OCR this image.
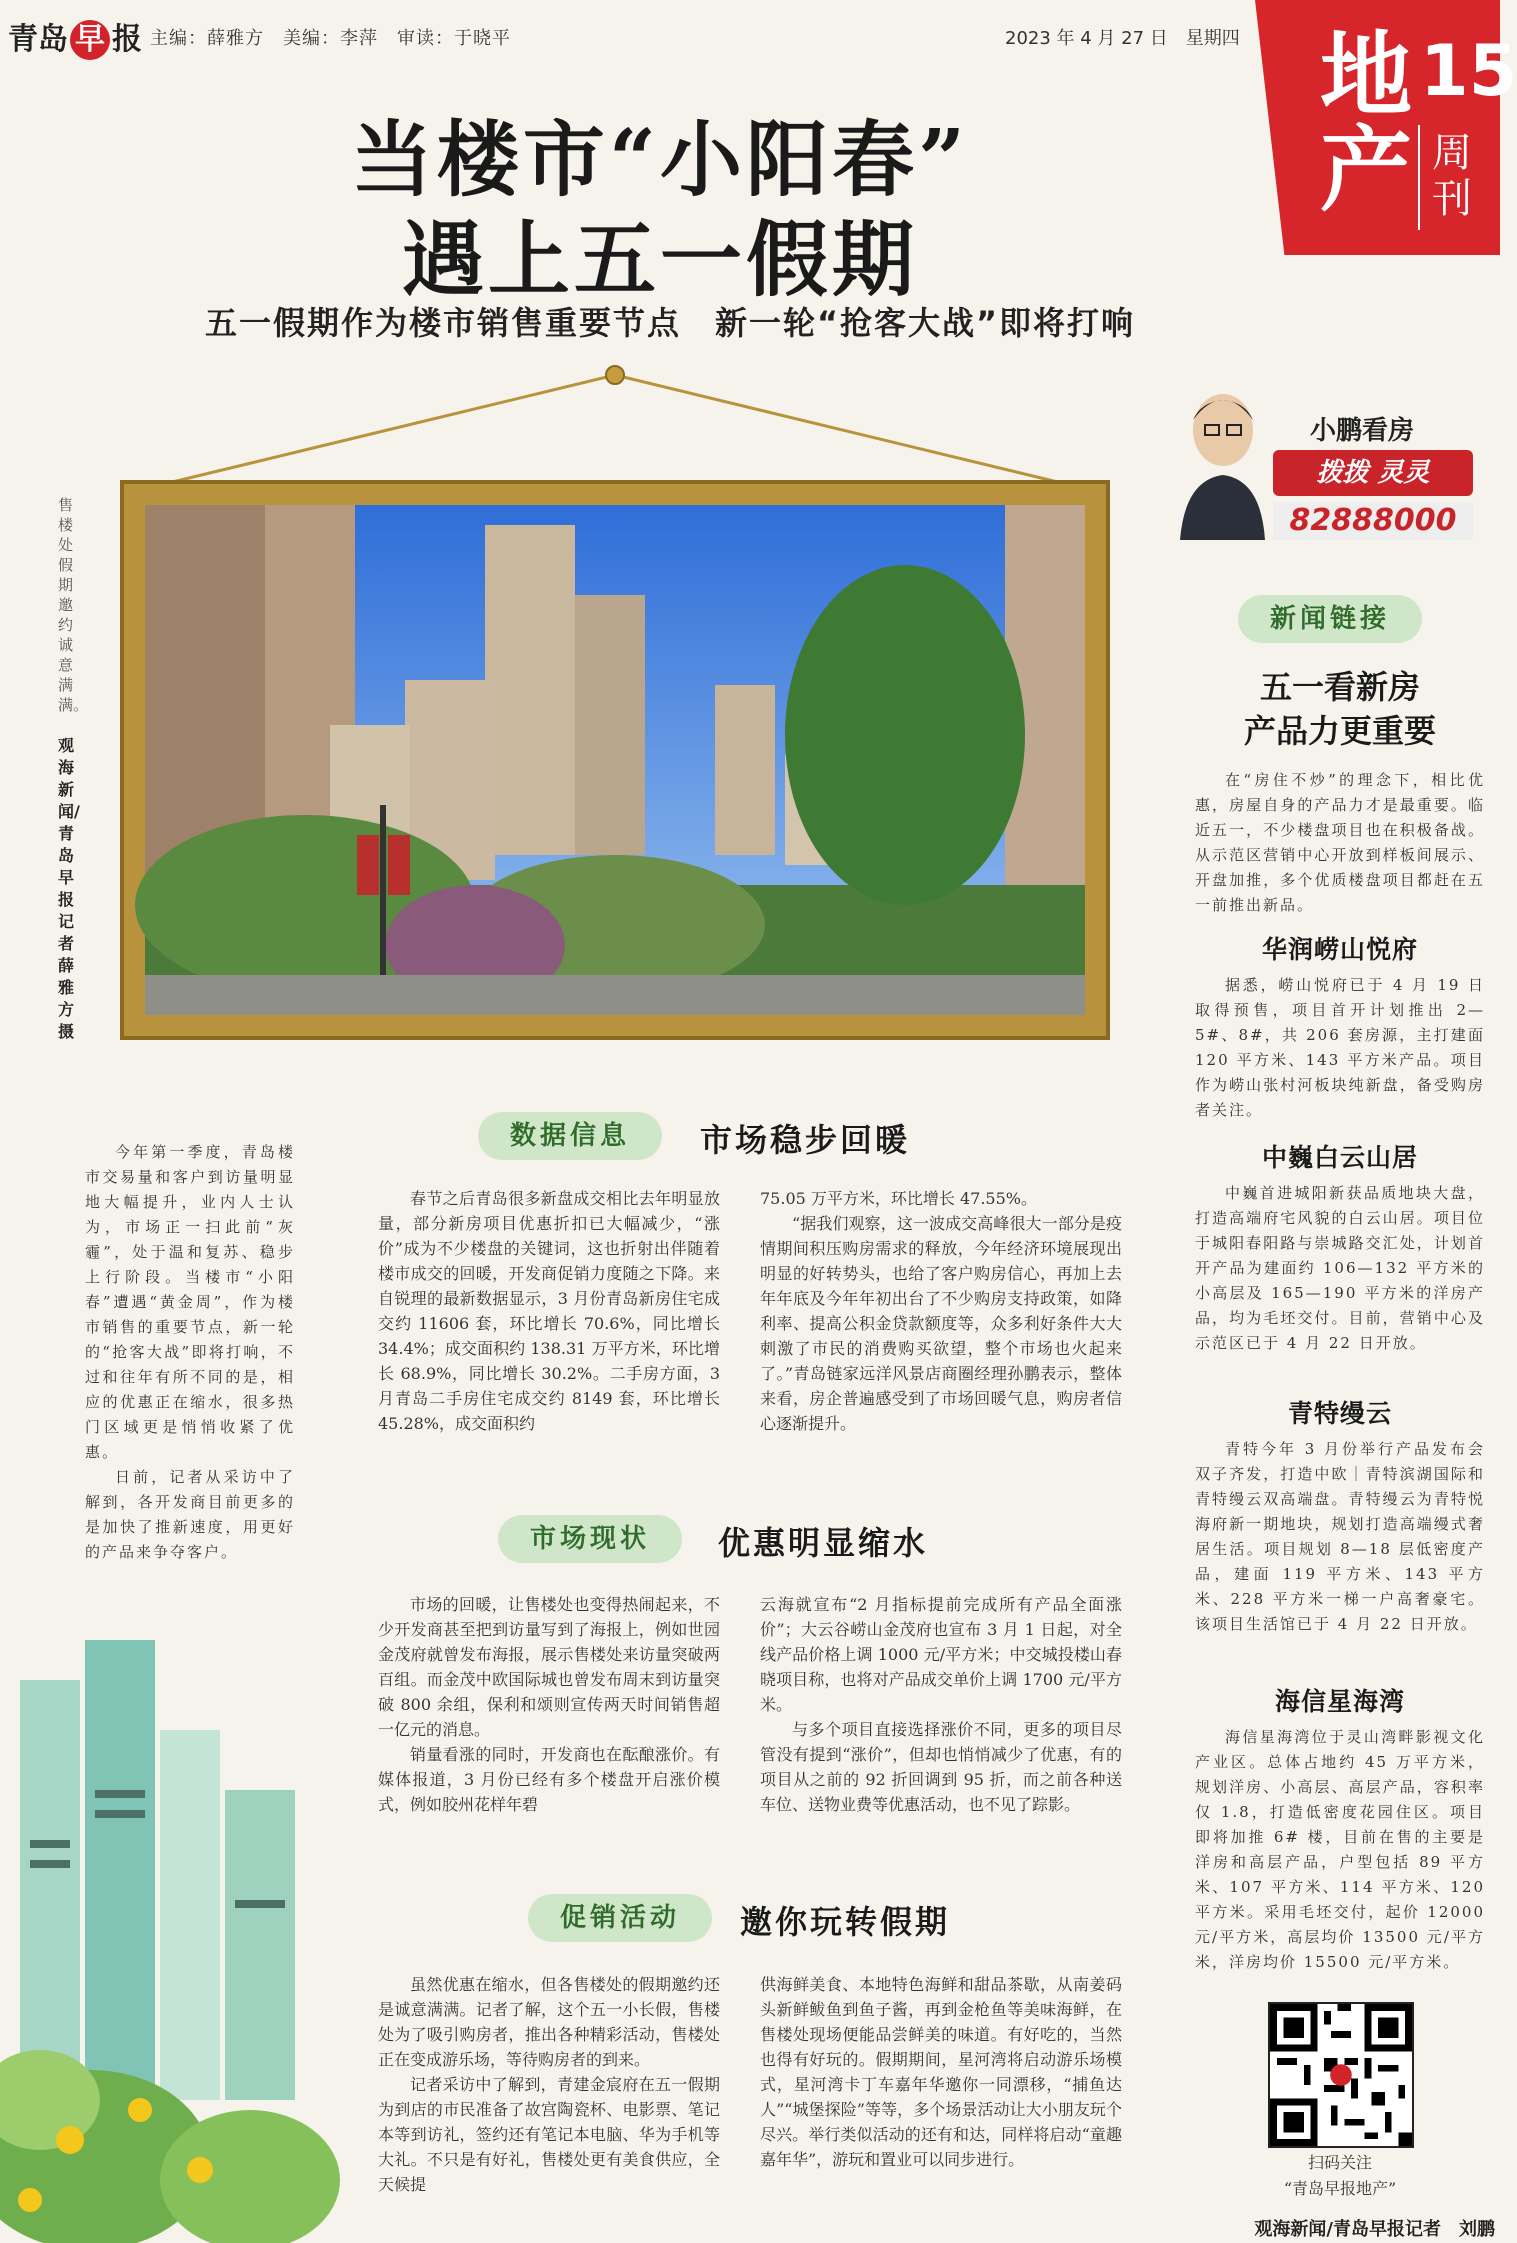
青岛 早 报 主编：薛雅方　美编：李萍　审读：于晓平	2023 年 4 月 27 日　星期四 地
产
15
周刊
当楼市“小阳春”
遇上五一假期
五一假期作为楼市销售重要节点　新一轮“抢客大战”即将打响
售楼处假期邀约诚意满满。
观海新闻/青岛早报记者　薛雅方　摄

今年第一季度，青岛楼市交易量和客户到访量明显地大幅提升，业内人士认为，市场正一扫此前“灰霾”，处于温和复苏、稳步上行阶段。当楼市“小阳春”遭遇“黄金周”，作为楼市销售的重要节点，新一轮的“抢客大战”即将打响，不过和往年有所不同的是，相应的优惠正在缩水，很多热门区域更是悄悄收紧了优惠。

日前，记者从采访中了解到，各开发商目前更多的是加快了推新速度，用更好的产品来争夺客户。

数据信息	市场稳步回暖

春节之后青岛很多新盘成交相比去年明显放量，部分新房项目优惠折扣已大幅减少，“涨价”成为不少楼盘的关键词，这也折射出伴随着楼市成交的回暖，开发商促销力度随之下降。来自锐理的最新数据显示，3 月份青岛新房住宅成交约 11606 套，环比增长 70.6%，同比增长 34.4%；成交面积约 138.31 万平方米，环比增长 68.9%，同比增长 30.2%。二手房方面，3 月青岛二手房住宅成交约 8149 套，环比增长 45.28%，成交面积约

75.05 万平方米，环比增长 47.55%。

“据我们观察，这一波成交高峰很大一部分是疫情期间积压购房需求的释放，今年经济环境展现出明显的好转势头，也给了客户购房信心，再加上去年年底及今年年初出台了不少购房支持政策，如降利率、提高公积金贷款额度等，众多利好条件大大刺激了市民的消费购买欲望，整个市场也火起来了。”青岛链家远洋风景店商圈经理孙鹏表示，整体来看，房企普遍感受到了市场回暖气息，购房者信心逐渐提升。

市场现状	优惠明显缩水

市场的回暖，让售楼处也变得热闹起来，不少开发商甚至把到访量写到了海报上，例如世园金茂府就曾发布海报，展示售楼处来访量突破两百组。而金茂中欧国际城也曾发布周末到访量突破 800 余组，保利和颂则宣传两天时间销售超一亿元的消息。

销量看涨的同时，开发商也在酝酿涨价。有媒体报道，3 月份已经有多个楼盘开启涨价模式，例如胶州花样年碧

云海就宣布“2 月指标提前完成所有产品全面涨价”；大云谷崂山金茂府也宣布 3 月 1 日起，对全线产品价格上调 1000 元/平方米；中交城投楼山春晓项目称，也将对产品成交单价上调 1700 元/平方米。

与多个项目直接选择涨价不同，更多的项目尽管没有提到“涨价”，但却也悄悄减少了优惠，有的项目从之前的 92 折回调到 95 折，而之前各种送车位、送物业费等优惠活动，也不见了踪影。

促销活动	邀你玩转假期

虽然优惠在缩水，但各售楼处的假期邀约还是诚意满满。记者了解，这个五一小长假，售楼处为了吸引购房者，推出各种精彩活动，售楼处正在变成游乐场，等待购房者的到来。

记者采访中了解到，青建金宸府在五一假期为到店的市民准备了故宫陶瓷杯、电影票、笔记本等到访礼，签约还有笔记本电脑、华为手机等大礼。不只是有好礼，售楼处更有美食供应，全天候提

供海鲜美食、本地特色海鲜和甜品茶歇，从南姜码头新鲜鲅鱼到鱼子酱，再到金枪鱼等美味海鲜，在售楼处现场便能品尝鲜美的味道。有好吃的，当然也得有好玩的。假期期间，星河湾将启动游乐场模式，星河湾卡丁车嘉年华邀你一同漂移，“捕鱼达人”“城堡探险”等等，多个场景活动让大小朋友玩个尽兴。举行类似活动的还有和达，同样将启动“童趣嘉年华”，游玩和置业可以同步进行。

小鹏看房
拨拨 灵灵
82888000
新闻链接
五一看新房
产品力更重要

在“房住不炒”的理念下，相比优惠，房屋自身的产品力才是最重要。临近五一，不少楼盘项目也在积极备战。从示范区营销中心开放到样板间展示、开盘加推，多个优质楼盘项目都赶在五一前推出新品。

华润崂山悦府

据悉，崂山悦府已于 4 月 19 日取得预售，项目首开计划推出 2—5#、8#，共 206 套房源，主打建面 120 平方米、143 平方米产品。项目作为崂山张村河板块纯新盘，备受购房者关注。

中巍白云山居

中巍首进城阳新获品质地块大盘，打造高端府宅风貌的白云山居。项目位于城阳春阳路与崇城路交汇处，计划首开产品为建面约 106—132 平方米的小高层及 165—190 平方米的洋房产品，均为毛坯交付。目前，营销中心及示范区已于 4 月 22 日开放。

青特缦云

青特今年 3 月份举行产品发布会双子齐发，打造中欧｜青特滨湖国际和青特缦云双高端盘。青特缦云为青特悦海府新一期地块，规划打造高端缦式奢居生活。项目规划 8—18 层低密度产品，建面 119 平方米、143 平方米、228 平方米一梯一户高奢豪宅。该项目生活馆已于 4 月 22 日开放。

海信星海湾

海信星海湾位于灵山湾畔影视文化产业区。总体占地约 45 万平方米，规划洋房、小高层、高层产品，容积率仅 1.8，打造低密度花园住区。项目即将加推 6# 楼，目前在售的主要是洋房和高层产品，户型包括 89 平方米、107 平方米、114 平方米、120 平方米。采用毛坯交付，起价 12000 元/平方米，高层均价 13500 元/平方米，洋房均价 15500 元/平方米。

扫码关注
“青岛早报地产”
观海新闻/青岛早报记者　刘鹏
